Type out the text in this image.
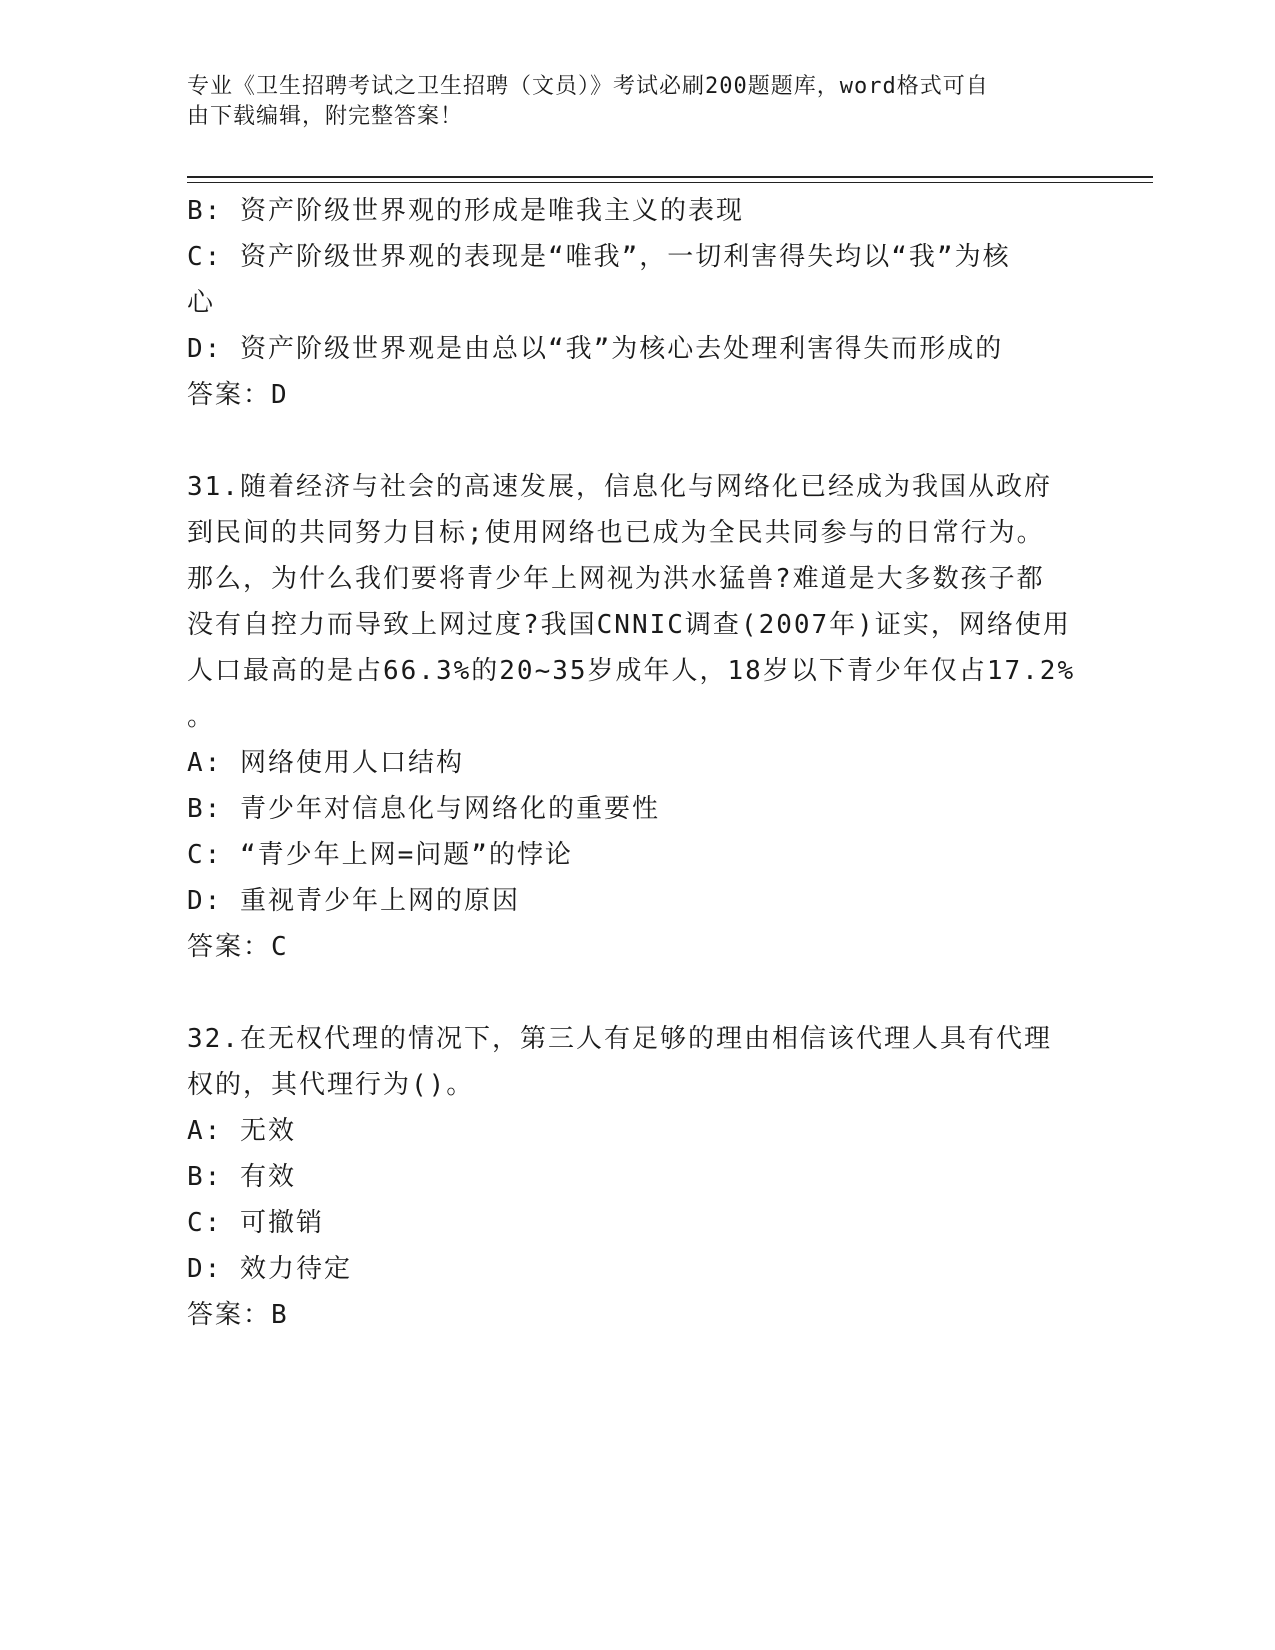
专业《卫生招聘考试之卫生招聘（文员）》考试必刷200题题库，word格式可自

由下载编辑，附完整答案！

B: 资产阶级世界观的形成是唯我主义的表现

C: 资产阶级世界观的表现是“唯我”，一切利害得失均以“我”为核

心

D: 资产阶级世界观是由总以“我”为核心去处理利害得失而形成的

答案：D

31.随着经济与社会的高速发展，信息化与网络化已经成为我国从政府

到民间的共同努力目标;使用网络也已成为全民共同参与的日常行为。

那么，为什么我们要将青少年上网视为洪水猛兽?难道是大多数孩子都

没有自控力而导致上网过度?我国CNNIC调查(2007年)证实，网络使用

人口最高的是占66.3%的20~35岁成年人，18岁以下青少年仅占17.2%

。

A: 网络使用人口结构

B: 青少年对信息化与网络化的重要性

C: “青少年上网=问题”的悖论

D: 重视青少年上网的原因

答案：C

32.在无权代理的情况下，第三人有足够的理由相信该代理人具有代理

权的，其代理行为()。

A: 无效

B: 有效

C: 可撤销

D: 效力待定

答案：B
